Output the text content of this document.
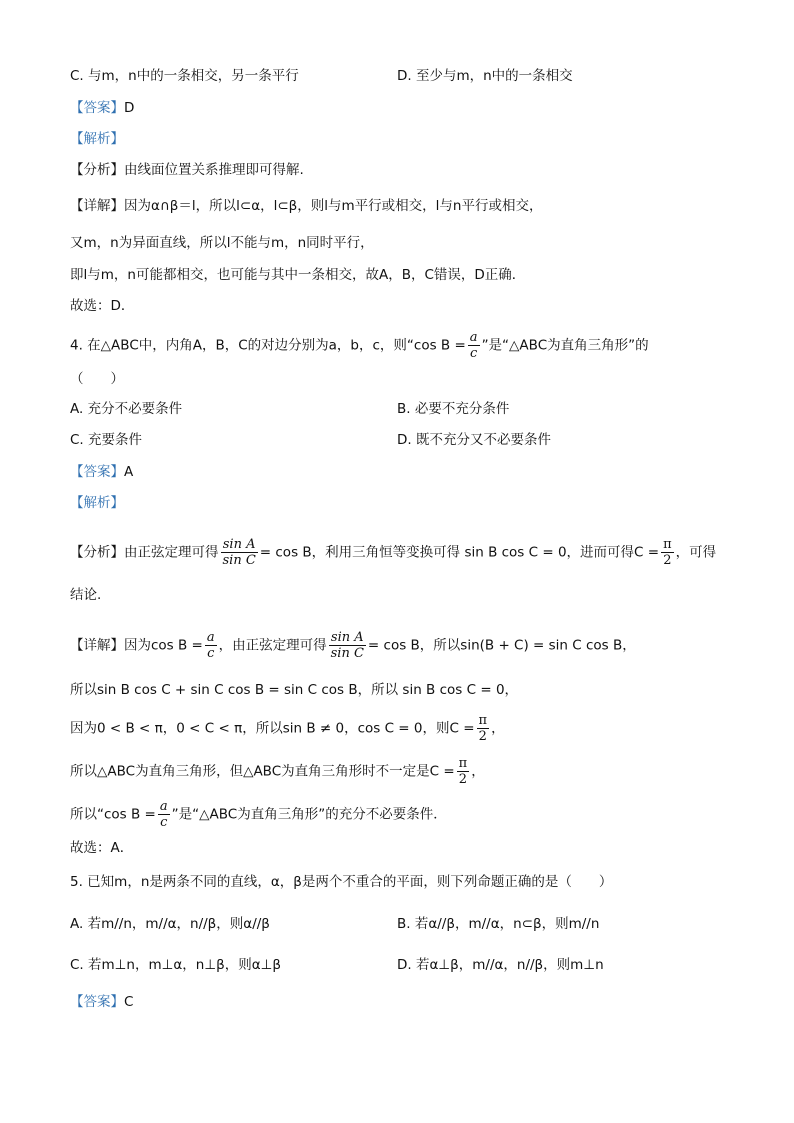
C. 与m，n中的一条相交，另一条平行	D. 至少与m，n中的一条相交
【答案】D
【解析】
【分析】由线面位置关系推理即可得解.
【详解】因为α∩β＝l，所以l⊂α，l⊂β，则l与m平行或相交，l与n平行或相交，
又m，n为异面直线，所以l不能与m，n同时平行，
即l与m，n可能都相交，也可能与其中一条相交，故A，B，C错误，D正确．
故选：D．
4. 在△ABC中，内角A，B，C的对边分别为a，b，c，则“cos $B = \frac{a}{c}$ ”是“△ABC为直角三角形”的
（　　）
A. 充分不必要条件	B. 必要不充分条件
C. 充要条件	D. 既不充分又不必要条件
【答案】A
【解析】
【分析】由正弦定理可得 $\frac{\text{sin A}}{\text{sin C}} = \cos B$，利用三角恒等变换可得 sin B cos C = 0，进而可得$C = \frac{\pi}{2}$ ，可得
结论.
【详解】因为$\cos B = \frac{a}{c}$ ，由正弦定理可得 $\frac{\text{sin A}}{\text{sin C}} = \cos B$，所以sin(B + C) = sin C cos B，
所以sin B cos C + sin C cos B = sin C cos B，所以 sin B cos C = 0，
因为0 < B < π，0 < C < π，所以sin B ≠ 0，cos C = 0，则$C = \frac{\pi}{2}$ ，
所以△ABC为直角三角形，但△ABC为直角三角形时不一定是$C = \frac{\pi}{2}$ ，
所以“cos $B = \frac{a}{c}$ ”是“△ABC为直角三角形”的充分不必要条件．
故选：A．
5. 已知m，n是两条不同的直线，α，β是两个不重合的平面，则下列命题正确的是（　　）
A. 若m//n，m//α，n//β，则α//β	B. 若α//β，m//α，n⊂β，则m//n
C. 若m⊥n，m⊥α，n⊥β，则α⊥β	D. 若α⊥β，m//α，n//β，则m⊥n
【答案】C
